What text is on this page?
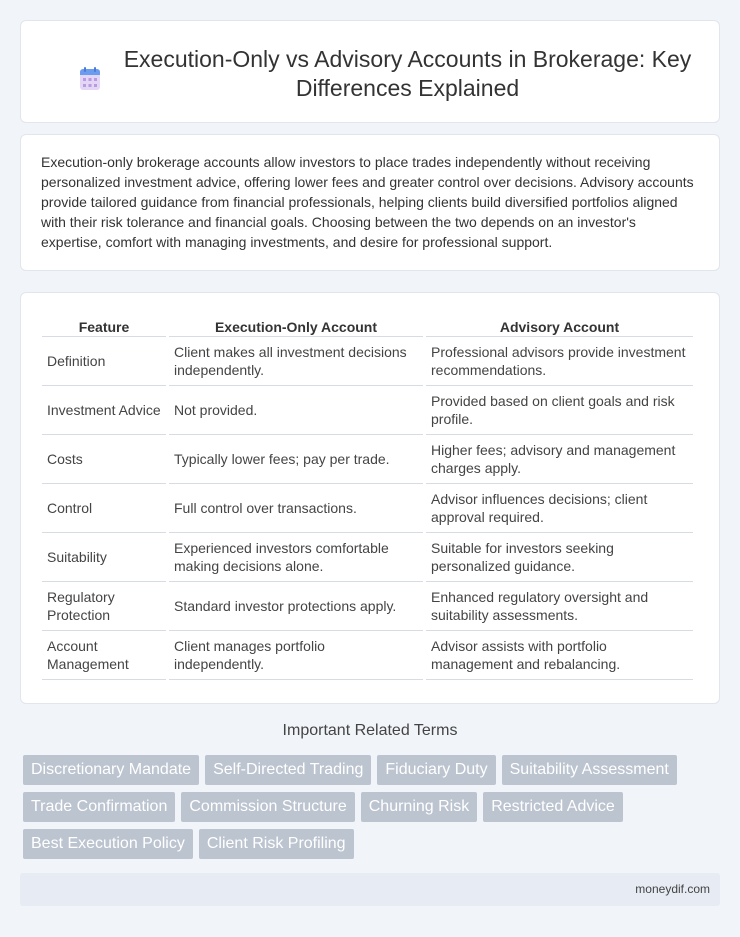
Execution-Only vs Advisory Accounts in Brokerage: Key Differences Explained

Execution-only brokerage accounts allow investors to place trades independently without receiving personalized investment advice, offering lower fees and greater control over decisions. Advisory accounts provide tailored guidance from financial professionals, helping clients build diversified portfolios aligned with their risk tolerance and financial goals. Choosing between the two depends on an investor's expertise, comfort with managing investments, and desire for professional support.

Feature	Execution-Only Account	Advisory Account
Definition	Client makes all investment decisions independently.	Professional advisors provide investment recommendations.
Investment Advice	Not provided.	Provided based on client goals and risk profile.
Costs	Typically lower fees; pay per trade.	Higher fees; advisory and management charges apply.
Control	Full control over transactions.	Advisor influences decisions; client approval required.
Suitability	Experienced investors comfortable making decisions alone.	Suitable for investors seeking personalized guidance.
Regulatory Protection	Standard investor protections apply.	Enhanced regulatory oversight and suitability assessments.
Account Management	Client manages portfolio independently.	Advisor assists with portfolio management and rebalancing.
Important Related Terms
Discretionary Mandate	Self-Directed Trading	Fiduciary Duty	Suitability Assessment
Trade Confirmation	Commission Structure	Churning Risk	Restricted Advice
Best Execution Policy	Client Risk Profiling
moneydif.com
